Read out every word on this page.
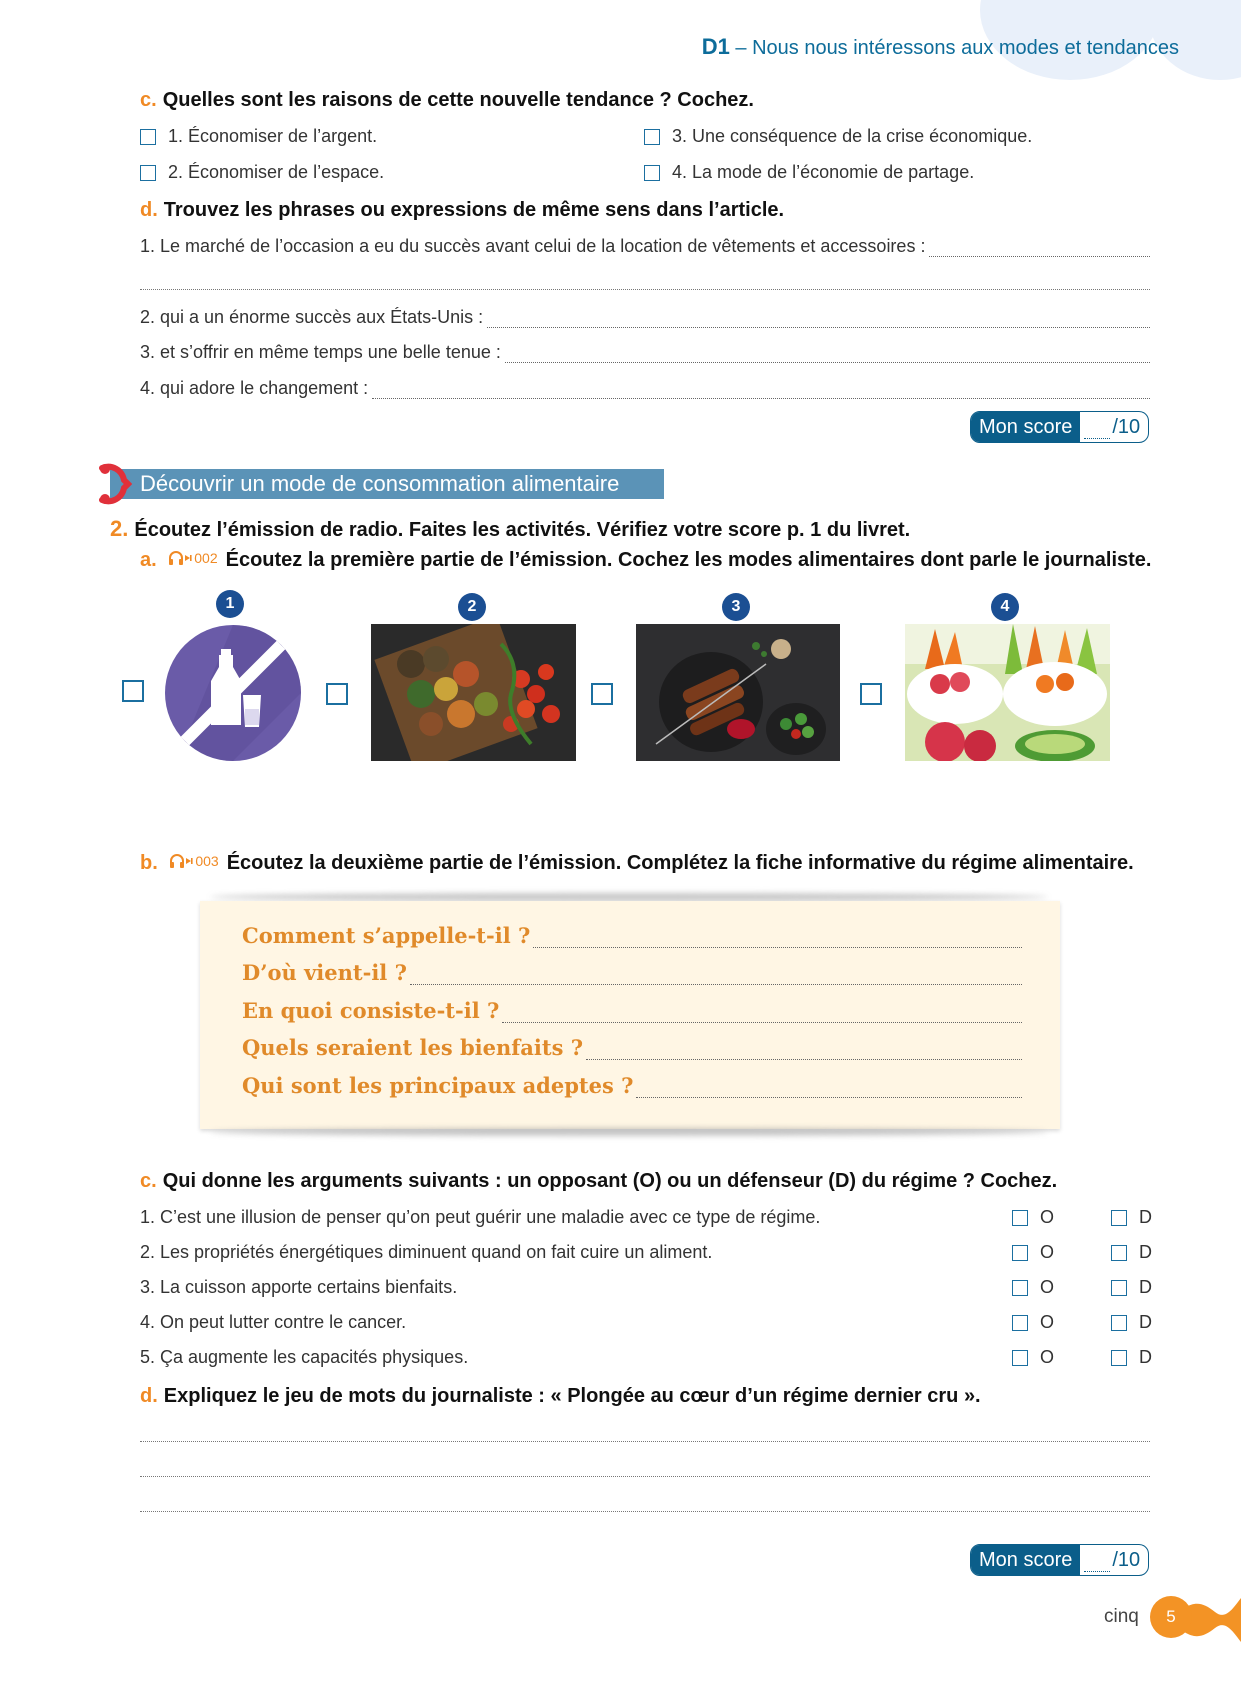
D1 – Nous nous intéressons aux modes et tendances
c. Quelles sont les raisons de cette nouvelle tendance ? Cochez.
1. Économiser de l’argent.
2. Économiser de l’espace.
3. Une conséquence de la crise économique.
4. La mode de l’économie de partage.
d. Trouvez les phrases ou expressions de même sens dans l’article.
1. Le marché de l’occasion a eu du succès avant celui de la location de vêtements et accessoires :
2. qui a un énorme succès aux États-Unis :
3. et s’offrir en même temps une belle tenue :
4. qui adore le changement :
Mon score	/10
Découvrir un mode de consommation alimentaire
2. Écoutez l’émission de radio. Faites les activités. Vérifiez votre score p. 1 du livret.
a.	002 Écoutez la première partie de l’émission. Cochez les modes alimentaires dont parle le journaliste.
1	2	3	4
b.	003 Écoutez la deuxième partie de l’émission. Complétez la fiche informative du régime alimentaire.
Comment s’appelle-t-il ?
D’où vient-il ?
En quoi consiste-t-il ?
Quels seraient les bienfaits ?
Qui sont les principaux adeptes ?
c. Qui donne les arguments suivants : un opposant (O) ou un défenseur (D) du régime ? Cochez.
1. C’est une illusion de penser qu’on peut guérir une maladie avec ce type de régime.	O	D
2. Les propriétés énergétiques diminuent quand on fait cuire un aliment.	O	D
3. La cuisson apporte certains bienfaits.	O	D
4. On peut lutter contre le cancer.	O	D
5. Ça augmente les capacités physiques.	O	D
d. Expliquez le jeu de mots du journaliste : « Plongée au cœur d’un régime dernier cru ».
Mon score	/10
cinq	5
